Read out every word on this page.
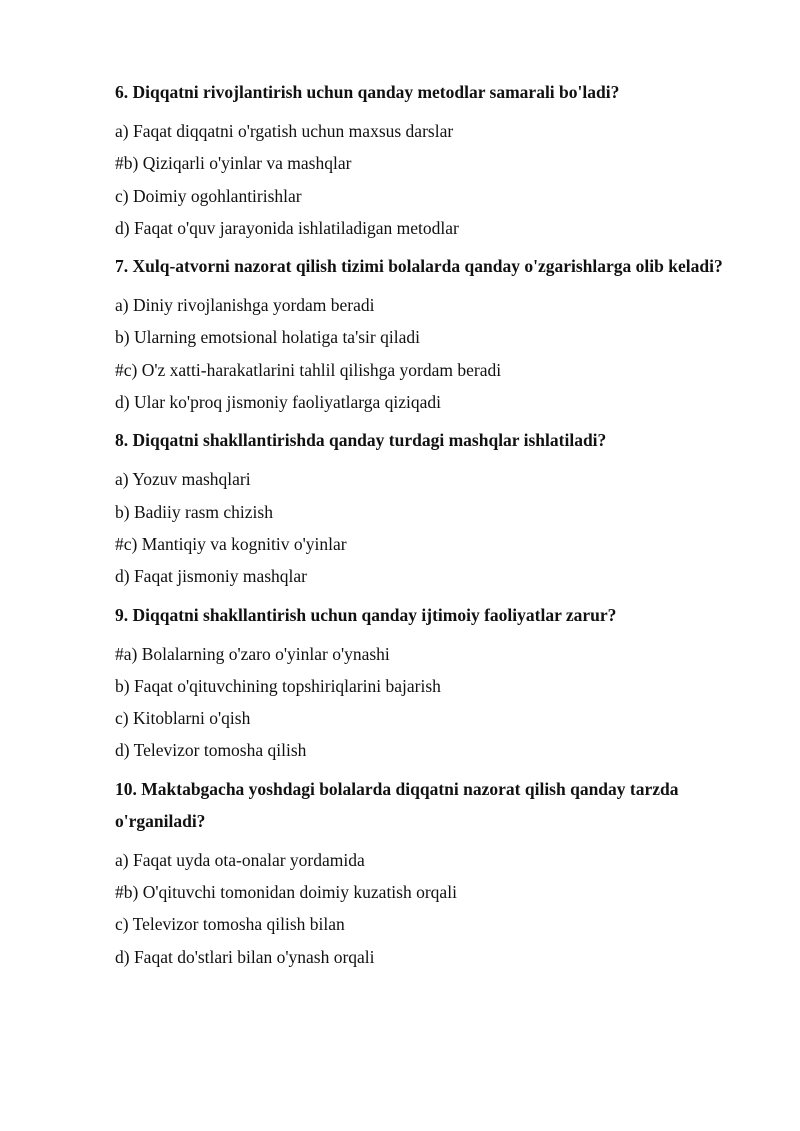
6. Diqqatni rivojlantirish uchun qanday metodlar samarali bo'ladi?

a) Faqat diqqatni o'rgatish uchun maxsus darslar

#b) Qiziqarli o'yinlar va mashqlar

c) Doimiy ogohlantirishlar

d) Faqat o'quv jarayonida ishlatiladigan metodlar

7. Xulq-atvorni nazorat qilish tizimi bolalarda qanday o'zgarishlarga olib keladi?

a) Diniy rivojlanishga yordam beradi

b) Ularning emotsional holatiga ta'sir qiladi

#c) O'z xatti-harakatlarini tahlil qilishga yordam beradi

d) Ular ko'proq jismoniy faoliyatlarga qiziqadi

8. Diqqatni shakllantirishda qanday turdagi mashqlar ishlatiladi?

a) Yozuv mashqlari

b) Badiiy rasm chizish

#c) Mantiqiy va kognitiv o'yinlar

d) Faqat jismoniy mashqlar

9. Diqqatni shakllantirish uchun qanday ijtimoiy faoliyatlar zarur?

#a) Bolalarning o'zaro o'yinlar o'ynashi

b) Faqat o'qituvchining topshiriqlarini bajarish

c) Kitoblarni o'qish

d) Televizor tomosha qilish

10. Maktabgacha yoshdagi bolalarda diqqatni nazorat qilish qanday tarzda o'rganiladi?

a) Faqat uyda ota-onalar yordamida

#b) O'qituvchi tomonidan doimiy kuzatish orqali

c) Televizor tomosha qilish bilan

d) Faqat do'stlari bilan o'ynash orqali
